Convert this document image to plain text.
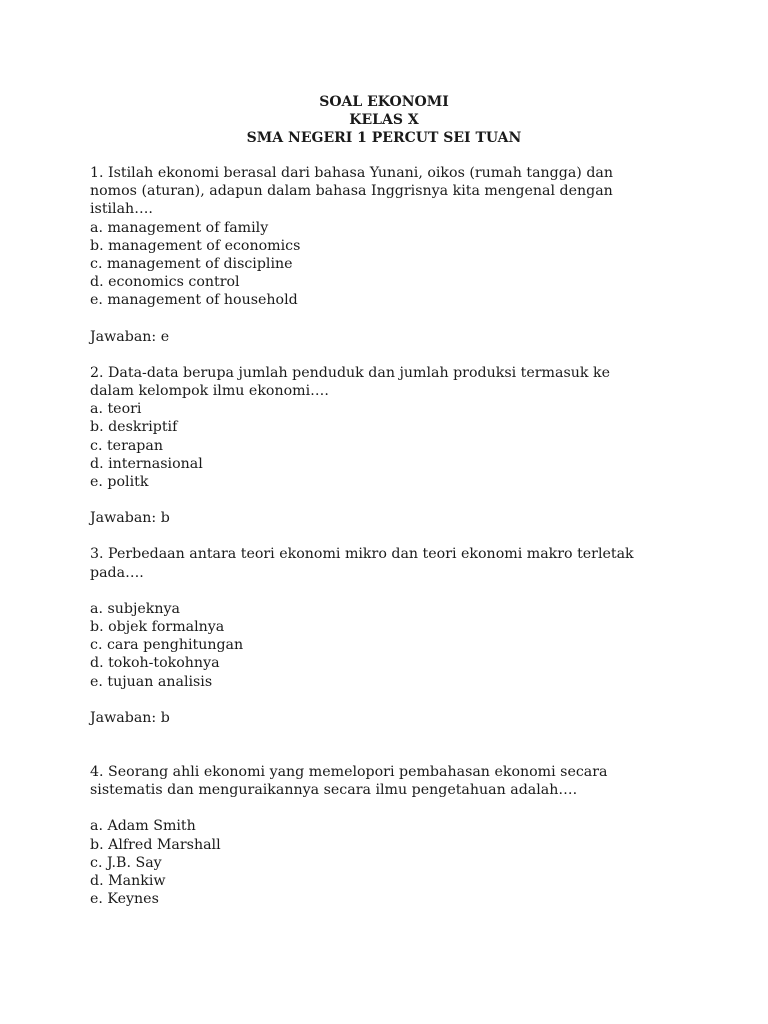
SOAL EKONOMI
KELAS X
SMA NEGERI 1 PERCUT SEI TUAN
1. Istilah ekonomi berasal dari bahasa Yunani, oikos (rumah tangga) dan
nomos (aturan), adapun dalam bahasa Inggrisnya kita mengenal dengan
istilah….
a. management of family
b. management of economics
c. management of discipline
d. economics control
e. management of household
Jawaban: e
2. Data-data berupa jumlah penduduk dan jumlah produksi termasuk ke
dalam kelompok ilmu ekonomi….
a. teori
b. deskriptif
c. terapan
d. internasional
e. politk
Jawaban: b
3. Perbedaan antara teori ekonomi mikro dan teori ekonomi makro terletak
pada….
a. subjeknya
b. objek formalnya
c. cara penghitungan
d. tokoh-tokohnya
e. tujuan analisis
Jawaban: b
4. Seorang ahli ekonomi yang memelopori pembahasan ekonomi secara
sistematis dan menguraikannya secara ilmu pengetahuan adalah….
a. Adam Smith
b. Alfred Marshall
c. J.B. Say
d. Mankiw
e. Keynes
